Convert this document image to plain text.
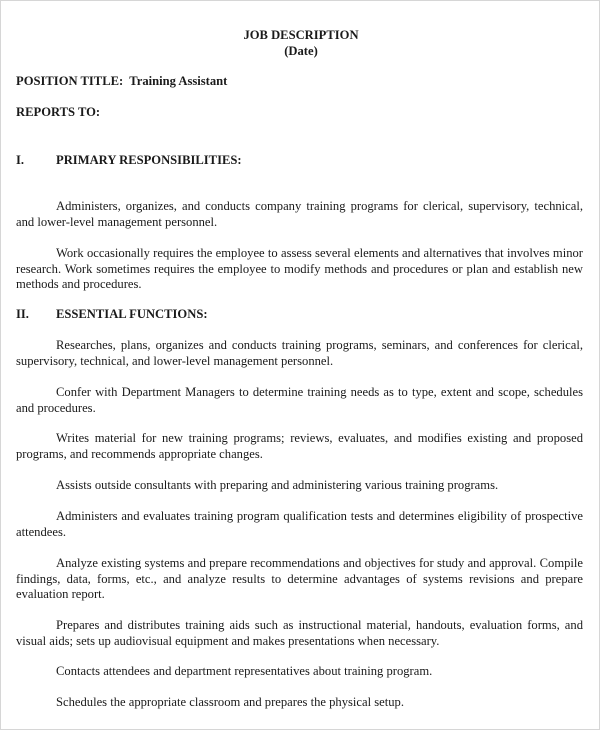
JOB DESCRIPTION
(Date)
POSITION TITLE: Training Assistant
REPORTS TO:
I.	PRIMARY RESPONSIBILITIES:
Administers, organizes, and conducts company training programs for clerical, supervisory, technical, and lower-level management personnel.
Work occasionally requires the employee to assess several elements and alternatives that involves minor research. Work sometimes requires the employee to modify methods and procedures or plan and establish new methods and procedures.
II. ESSENTIAL FUNCTIONS:
Researches, plans, organizes and conducts training programs, seminars, and conferences for clerical, supervisory, technical, and lower-level management personnel.
Confer with Department Managers to determine training needs as to type, extent and scope, schedules and procedures.
Writes material for new training programs; reviews, evaluates, and modifies existing and proposed programs, and recommends appropriate changes.
Assists outside consultants with preparing and administering various training programs.
Administers and evaluates training program qualification tests and determines eligibility of prospective attendees.
Analyze existing systems and prepare recommendations and objectives for study and approval. Compile findings, data, forms, etc., and analyze results to determine advantages of systems revisions and prepare evaluation report.
Prepares and distributes training aids such as instructional material, handouts, evaluation forms, and visual aids; sets up audiovisual equipment and makes presentations when necessary.
Contacts attendees and department representatives about training program.
Schedules the appropriate classroom and prepares the physical setup.
